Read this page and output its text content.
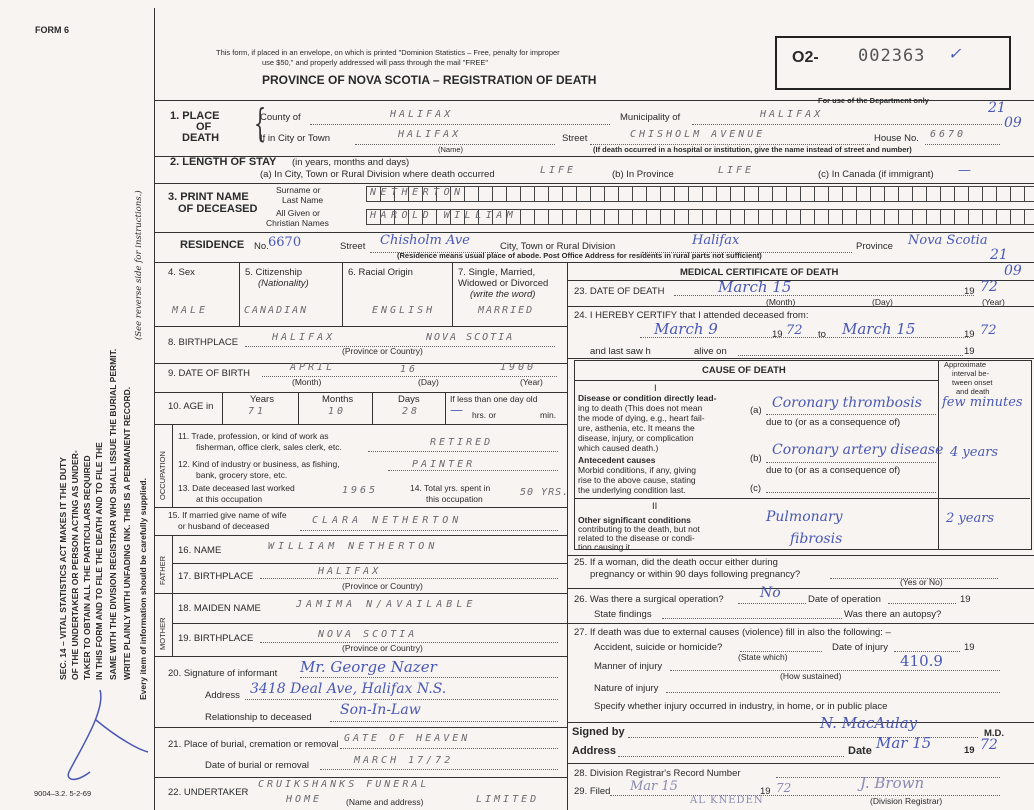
FORM 6
This form, if placed in an envelope, on which is printed "Dominion Statistics – Free, penalty for improper
use $50," and properly addressed will pass through the mail "FREE"
PROVINCE OF NOVA SCOTIA – REGISTRATION OF DEATH
O2- 002363 ✓
For use of the Department only
SEC. 14 – VITAL STATISTICS ACT MAKES IT THE DUTY OF THE UNDERTAKER OR PERSON ACTING AS UNDER- TAKER TO OBTAIN ALL THE PARTICULARS REQUIRED IN THIS FORM AND TO FILE THE DEATH AND TO FILE THE SAME WITH THE DIVISION REGISTRAR WHO SHALL ISSUE THE BURIAL PERMIT. WRITE PLAINLY WITH UNFADING INK. THIS IS A PERMANENT RECORD.
(See reverse side for instructions.)
Every item of information should be carefully supplied.
9004–3.2. 5-2-69
1. PLACE
OF
DEATH {
County of	HALIFAX	Municipality of	HALIFAX
If in City or Town	HALIFAX
(Name)
Street	CHISHOLM AVENUE	House No. 6670
(If death occurred in a hospital or institution, give the name instead of street and number)
21
09
2. LENGTH OF STAY (in years, months and days)
(a) In City, Town or Rural Division where death occurred	LIFE	(b) In Province	LIFE	(c) In Canada (if immigrant) —
3. PRINT NAME
OF DECEASED
Surname or
Last Name
NETHERTON
All Given or
Christian Names
HAROLD WILLIAM
RESIDENCE No. 6670	Street Chisholm Ave	City, Town or Rural Division	Halifax	Province Nova Scotia
(Residence means usual place of abode. Post Office Address for residents in rural parts not sufficient)	21
09
4. Sex
MALE
5. Citizenship
(Nationality)
CANADIAN
6. Racial Origin
ENGLISH
7. Single, Married,
Widowed or Divorced
(write the word)
MARRIED
8. BIRTHPLACE	HALIFAX	NOVA SCOTIA
(Province or Country)
9. DATE OF BIRTH
APRIL	16	1900
(Month)	(Day)	(Year)
10. AGE in
Years
71
Months
10
Days
28
If less than one day old
— hrs. or	min.
OCCUPATION
11. Trade, profession, or kind of work as
fisherman, office clerk, sales clerk, etc.	RETIRED
12. Kind of industry or business, as fishing,
bank, grocery store, etc.
PAINTER
13. Date deceased last worked
at this occupation
1965	14. Total yrs. spent in
this occupation
50 YRS.
15. If married give name of wife
or husband of deceased	CLARA NETHERTON
FATHER
16. NAME	WILLIAM NETHERTON
17. BIRTHPLACE	HALIFAX
(Province or Country)
MOTHER
18. MAIDEN NAME	JAMIMA N/AVAILABLE
19. BIRTHPLACE	NOVA SCOTIA
(Province or Country)
20. Signature of informant Mr. George Nazer
Address 3418 Deal Ave, Halifax N.S.
Relationship to deceased Son-In-Law
21. Place of burial, cremation or removal
GATE OF HEAVEN
Date of burial or removal	MARCH 17/72
22. UNDERTAKER
CRUIKSHANKS FUNERAL
HOME	LIMITED
(Name and address)
MEDICAL CERTIFICATE OF DEATH
23. DATE OF DEATH	March 15	19 72
(Month)	(Day)	(Year)
24. I HEREBY CERTIFY that I attended deceased from:
March 9	19 72 to March 15	19 72
and last saw h	alive on	19
CAUSE OF DEATH
Approximate
interval be-
tween onset
and death
I
Disease or condition directly lead-
ing to death (This does not mean
the mode of dying, e.g., heart fail-
ure, asthenia, etc. It means the
disease, injury, or complication
which caused death.)
(a) Coronary thrombosis few minutes
due to (or as a consequence of)
Antecedent causes
Morbid conditions, if any, giving
rise to the above cause, stating
the underlying condition last.
(b)
Coronary artery disease 4 years
due to (or as a consequence of)
(c)
II
Other significant conditions
contributing to the death, but not
related to the disease or condi-
tion causing it.
Pulmonary
fibrosis
2 years
25. If a woman, did the death occur either during
pregnancy or within 90 days following pregnancy?
(Yes or No)
26. Was there a surgical operation?	No	Date of operation	19
State findings	Was there an autopsy?
27. If death was due to external causes (violence) fill in also the following: –
Accident, suicide or homicide?
(State which)
Date of injury	19
Manner of injury	410.9
(How sustained)
Nature of injury
Specify whether injury occurred in industry, in home, or in public place
Signed by	N. MacAulay
M.D.
Address	Date Mar 15	19 72
28. Division Registrar's Record Number
29. Filed Mar 15	19 72	J. Brown
AL KNEDEN	(Division Registrar)
